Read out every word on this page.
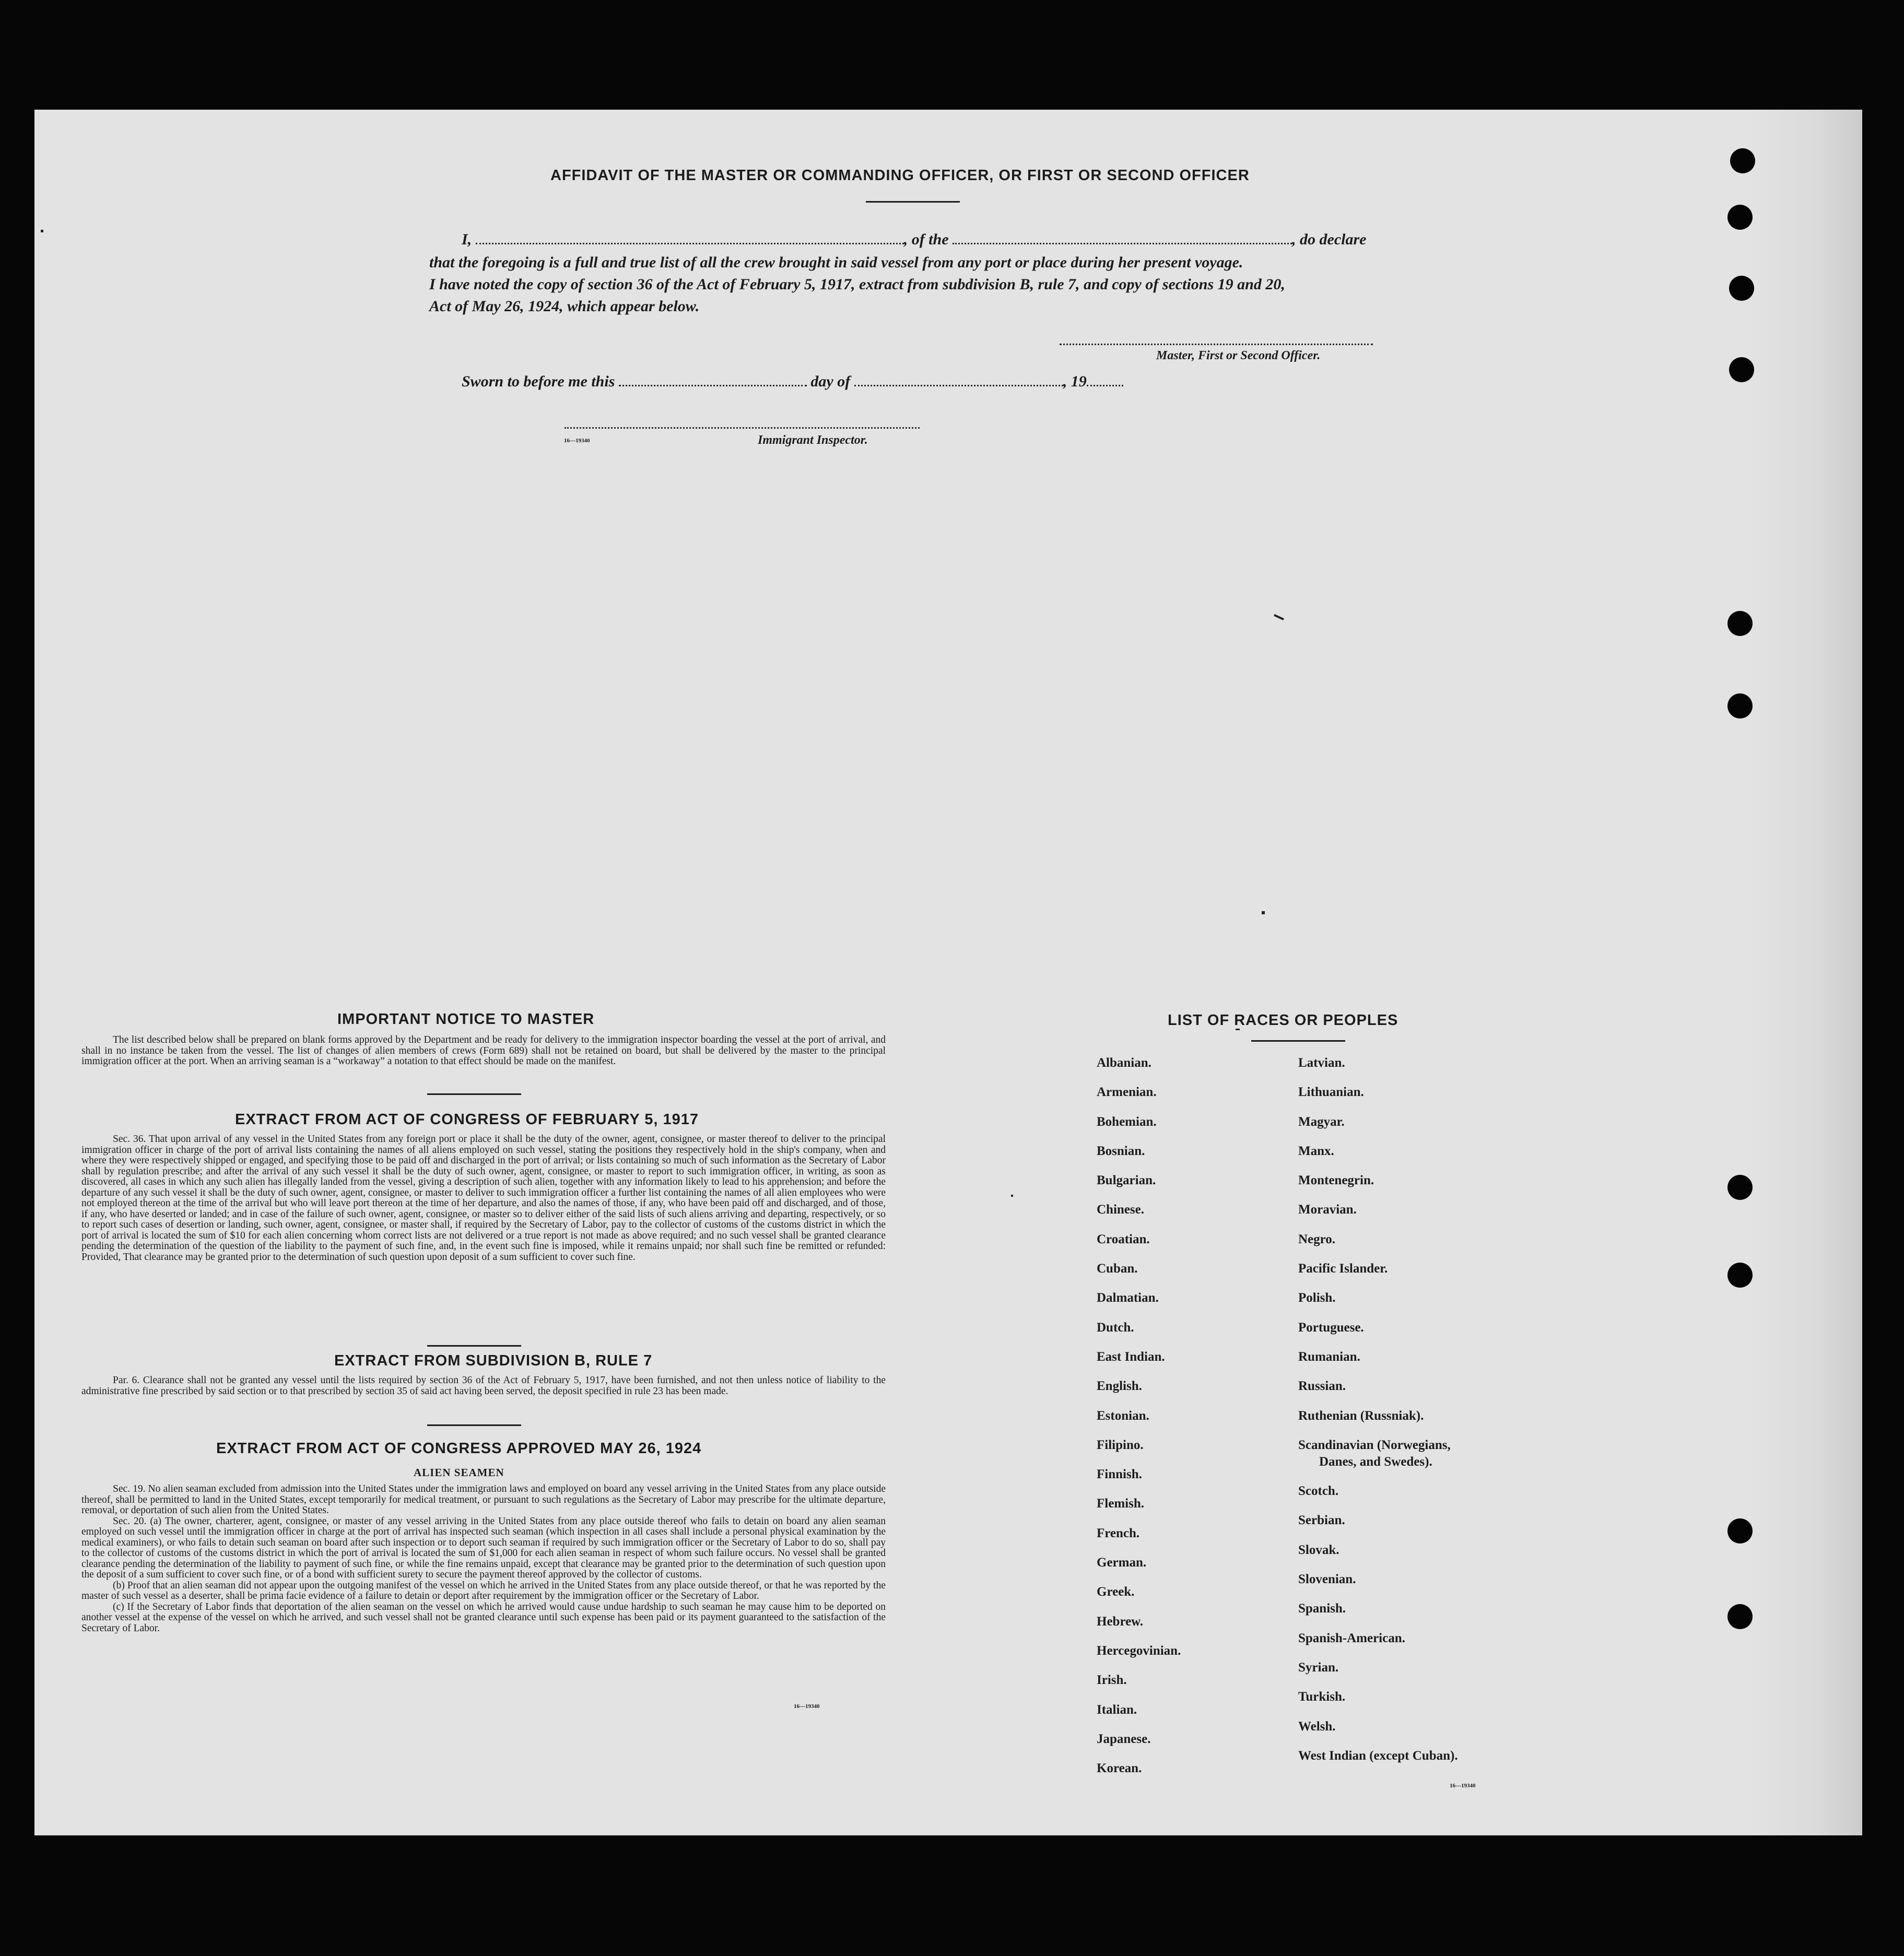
AFFIDAVIT OF THE MASTER OR COMMANDING OFFICER, OR FIRST OR SECOND OFFICER
I,	, of the	, do declare
that the foregoing is a full and true list of all the crew brought in said vessel from any port or place during her present voyage.
I have noted the copy of section 36 of the Act of February 5, 1917, extract from subdivision B, rule 7, and copy of sections 19 and 20,
Act of May 26, 1924, which appear below.
Master, First or Second Officer.
Sworn to before me this	day of	, 19
16—19340	Immigrant Inspector.
IMPORTANT NOTICE TO MASTER

The list described below shall be prepared on blank forms approved by the Department and be ready for delivery to the immigration inspector boarding the vessel at the port of arrival, and shall in no instance be taken from the vessel. The list of changes of alien members of crews (Form 689) shall not be retained on board, but shall be delivered by the master to the principal immigration officer at the port. When an arriving seaman is a “workaway” a notation to that effect should be made on the manifest.

EXTRACT FROM ACT OF CONGRESS OF FEBRUARY 5, 1917

Sec. 36. That upon arrival of any vessel in the United States from any foreign port or place it shall be the duty of the owner, agent, consignee, or master thereof to deliver to the principal immigration officer in charge of the port of arrival lists containing the names of all aliens employed on such vessel, stating the positions they respectively hold in the ship's company, when and where they were respectively shipped or engaged, and specifying those to be paid off and discharged in the port of arrival; or lists containing so much of such information as the Secretary of Labor shall by regulation prescribe; and after the arrival of any such vessel it shall be the duty of such owner, agent, consignee, or master to report to such immigration officer, in writing, as soon as discovered, all cases in which any such alien has illegally landed from the vessel, giving a description of such alien, together with any information likely to lead to his apprehension; and before the departure of any such vessel it shall be the duty of such owner, agent, consignee, or master to deliver to such immigration officer a further list containing the names of all alien employees who were not employed thereon at the time of the arrival but who will leave port thereon at the time of her departure, and also the names of those, if any, who have been paid off and discharged, and of those, if any, who have deserted or landed; and in case of the failure of such owner, agent, consignee, or master so to deliver either of the said lists of such aliens arriving and departing, respectively, or so to report such cases of desertion or landing, such owner, agent, consignee, or master shall, if required by the Secretary of Labor, pay to the collector of customs of the customs district in which the port of arrival is located the sum of $10 for each alien concerning whom correct lists are not delivered or a true report is not made as above required; and no such vessel shall be granted clearance pending the determination of the question of the liability to the payment of such fine, and, in the event such fine is imposed, while it remains unpaid; nor shall such fine be remitted or refunded: Provided, That clearance may be granted prior to the determination of such question upon deposit of a sum sufficient to cover such fine.

EXTRACT FROM SUBDIVISION B, RULE 7

Par. 6. Clearance shall not be granted any vessel until the lists required by section 36 of the Act of February 5, 1917, have been furnished, and not then unless notice of liability to the administrative fine prescribed by said section or to that prescribed by section 35 of said act having been served, the deposit specified in rule 23 has been made.

EXTRACT FROM ACT OF CONGRESS APPROVED MAY 26, 1924
ALIEN SEAMEN

Sec. 19. No alien seaman excluded from admission into the United States under the immigration laws and employed on board any vessel arriving in the United States from any place outside thereof, shall be permitted to land in the United States, except temporarily for medical treatment, or pursuant to such regulations as the Secretary of Labor may prescribe for the ultimate departure, removal, or deportation of such alien from the United States.

Sec. 20. (a) The owner, charterer, agent, consignee, or master of any vessel arriving in the United States from any place outside thereof who fails to detain on board any alien seaman employed on such vessel until the immigration officer in charge at the port of arrival has inspected such seaman (which inspection in all cases shall include a personal physical examination by the medical examiners), or who fails to detain such seaman on board after such inspection or to deport such seaman if required by such immigration officer or the Secretary of Labor to do so, shall pay to the collector of customs of the customs district in which the port of arrival is located the sum of $1,000 for each alien seaman in respect of whom such failure occurs. No vessel shall be granted clearance pending the determination of the liability to payment of such fine, or while the fine remains unpaid, except that clearance may be granted prior to the determination of such question upon the deposit of a sum sufficient to cover such fine, or of a bond with sufficient surety to secure the payment thereof approved by the collector of customs.

(b) Proof that an alien seaman did not appear upon the outgoing manifest of the vessel on which he arrived in the United States from any place outside thereof, or that he was reported by the master of such vessel as a deserter, shall be prima facie evidence of a failure to detain or deport after requirement by the immigration officer or the Secretary of Labor.

(c) If the Secretary of Labor finds that deportation of the alien seaman on the vessel on which he arrived would cause undue hardship to such seaman he may cause him to be deported on another vessel at the expense of the vessel on which he arrived, and such vessel shall not be granted clearance until such expense has been paid or its payment guaranteed to the satisfaction of the Secretary of Labor.

16—19340
LIST OF RACES OR PEOPLES
Albanian.
Armenian.
Bohemian.
Bosnian.
Bulgarian.
Chinese.
Croatian.
Cuban.
Dalmatian.
Dutch.
East Indian.
English.
Estonian.
Filipino.
Finnish.
Flemish.
French.
German.
Greek.
Hebrew.
Hercegovinian.
Irish.
Italian.
Japanese.
Korean.
Latvian.
Lithuanian.
Magyar.
Manx.
Montenegrin.
Moravian.
Negro.
Pacific Islander.
Polish.
Portuguese.
Rumanian.
Russian.
Ruthenian (Russniak).
Scandinavian (Norwegians,
Danes, and Swedes).
Scotch.
Serbian.
Slovak.
Slovenian.
Spanish.
Spanish-American.
Syrian.
Turkish.
Welsh.
West Indian (except Cuban).
16—19340
